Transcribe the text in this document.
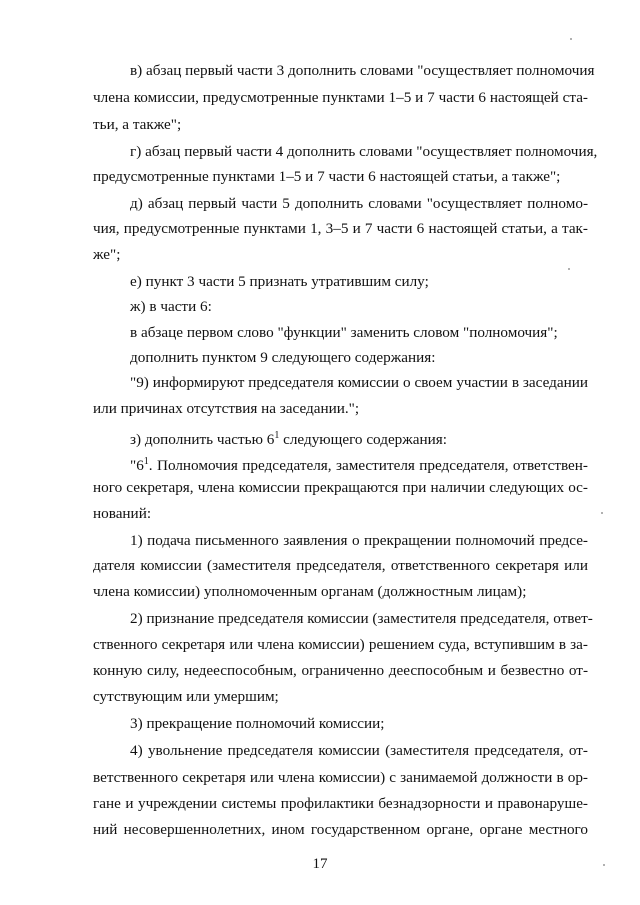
в) абзац первый части 3 дополнить словами "осуществляет полномочия
члена комиссии, предусмотренные пунктами 1–5 и 7 части 6 настоящей ста-
тьи, а также";
г) абзац первый части 4 дополнить словами "осуществляет полномочия,
предусмотренные пунктами 1–5 и 7 части 6 настоящей статьи, а также";
д) абзац первый части 5 дополнить словами "осуществляет полномо-
чия, предусмотренные пунктами 1, 3–5 и 7 части 6 настоящей статьи, а так-
же";
е) пункт 3 части 5 признать утратившим силу;
ж) в части 6:
в абзаце первом слово "функции" заменить словом "полномочия";
дополнить пунктом 9 следующего содержания:
"9) информируют председателя комиссии о своем участии в заседании
или причинах отсутствия на заседании.";
з) дополнить частью $6^1$ следующего содержания:
"$6^1$. Полномочия председателя, заместителя председателя, ответствен-
ного секретаря, члена комиссии прекращаются при наличии следующих ос-
нований:
1) подача письменного заявления о прекращении полномочий предсе-
дателя комиссии (заместителя председателя, ответственного секретаря или
члена комиссии) уполномоченным органам (должностным лицам);
2) признание председателя комиссии (заместителя председателя, ответ-
ственного секретаря или члена комиссии) решением суда, вступившим в за-
конную силу, недееспособным, ограниченно дееспособным и безвестно от-
сутствующим или умершим;
3) прекращение полномочий комиссии;
4) увольнение председателя комиссии (заместителя председателя, от-
ветственного секретаря или члена комиссии) с занимаемой должности в ор-
гане и учреждении системы профилактики безнадзорности и правонаруше-
ний несовершеннолетних, ином государственном органе, органе местного
17
